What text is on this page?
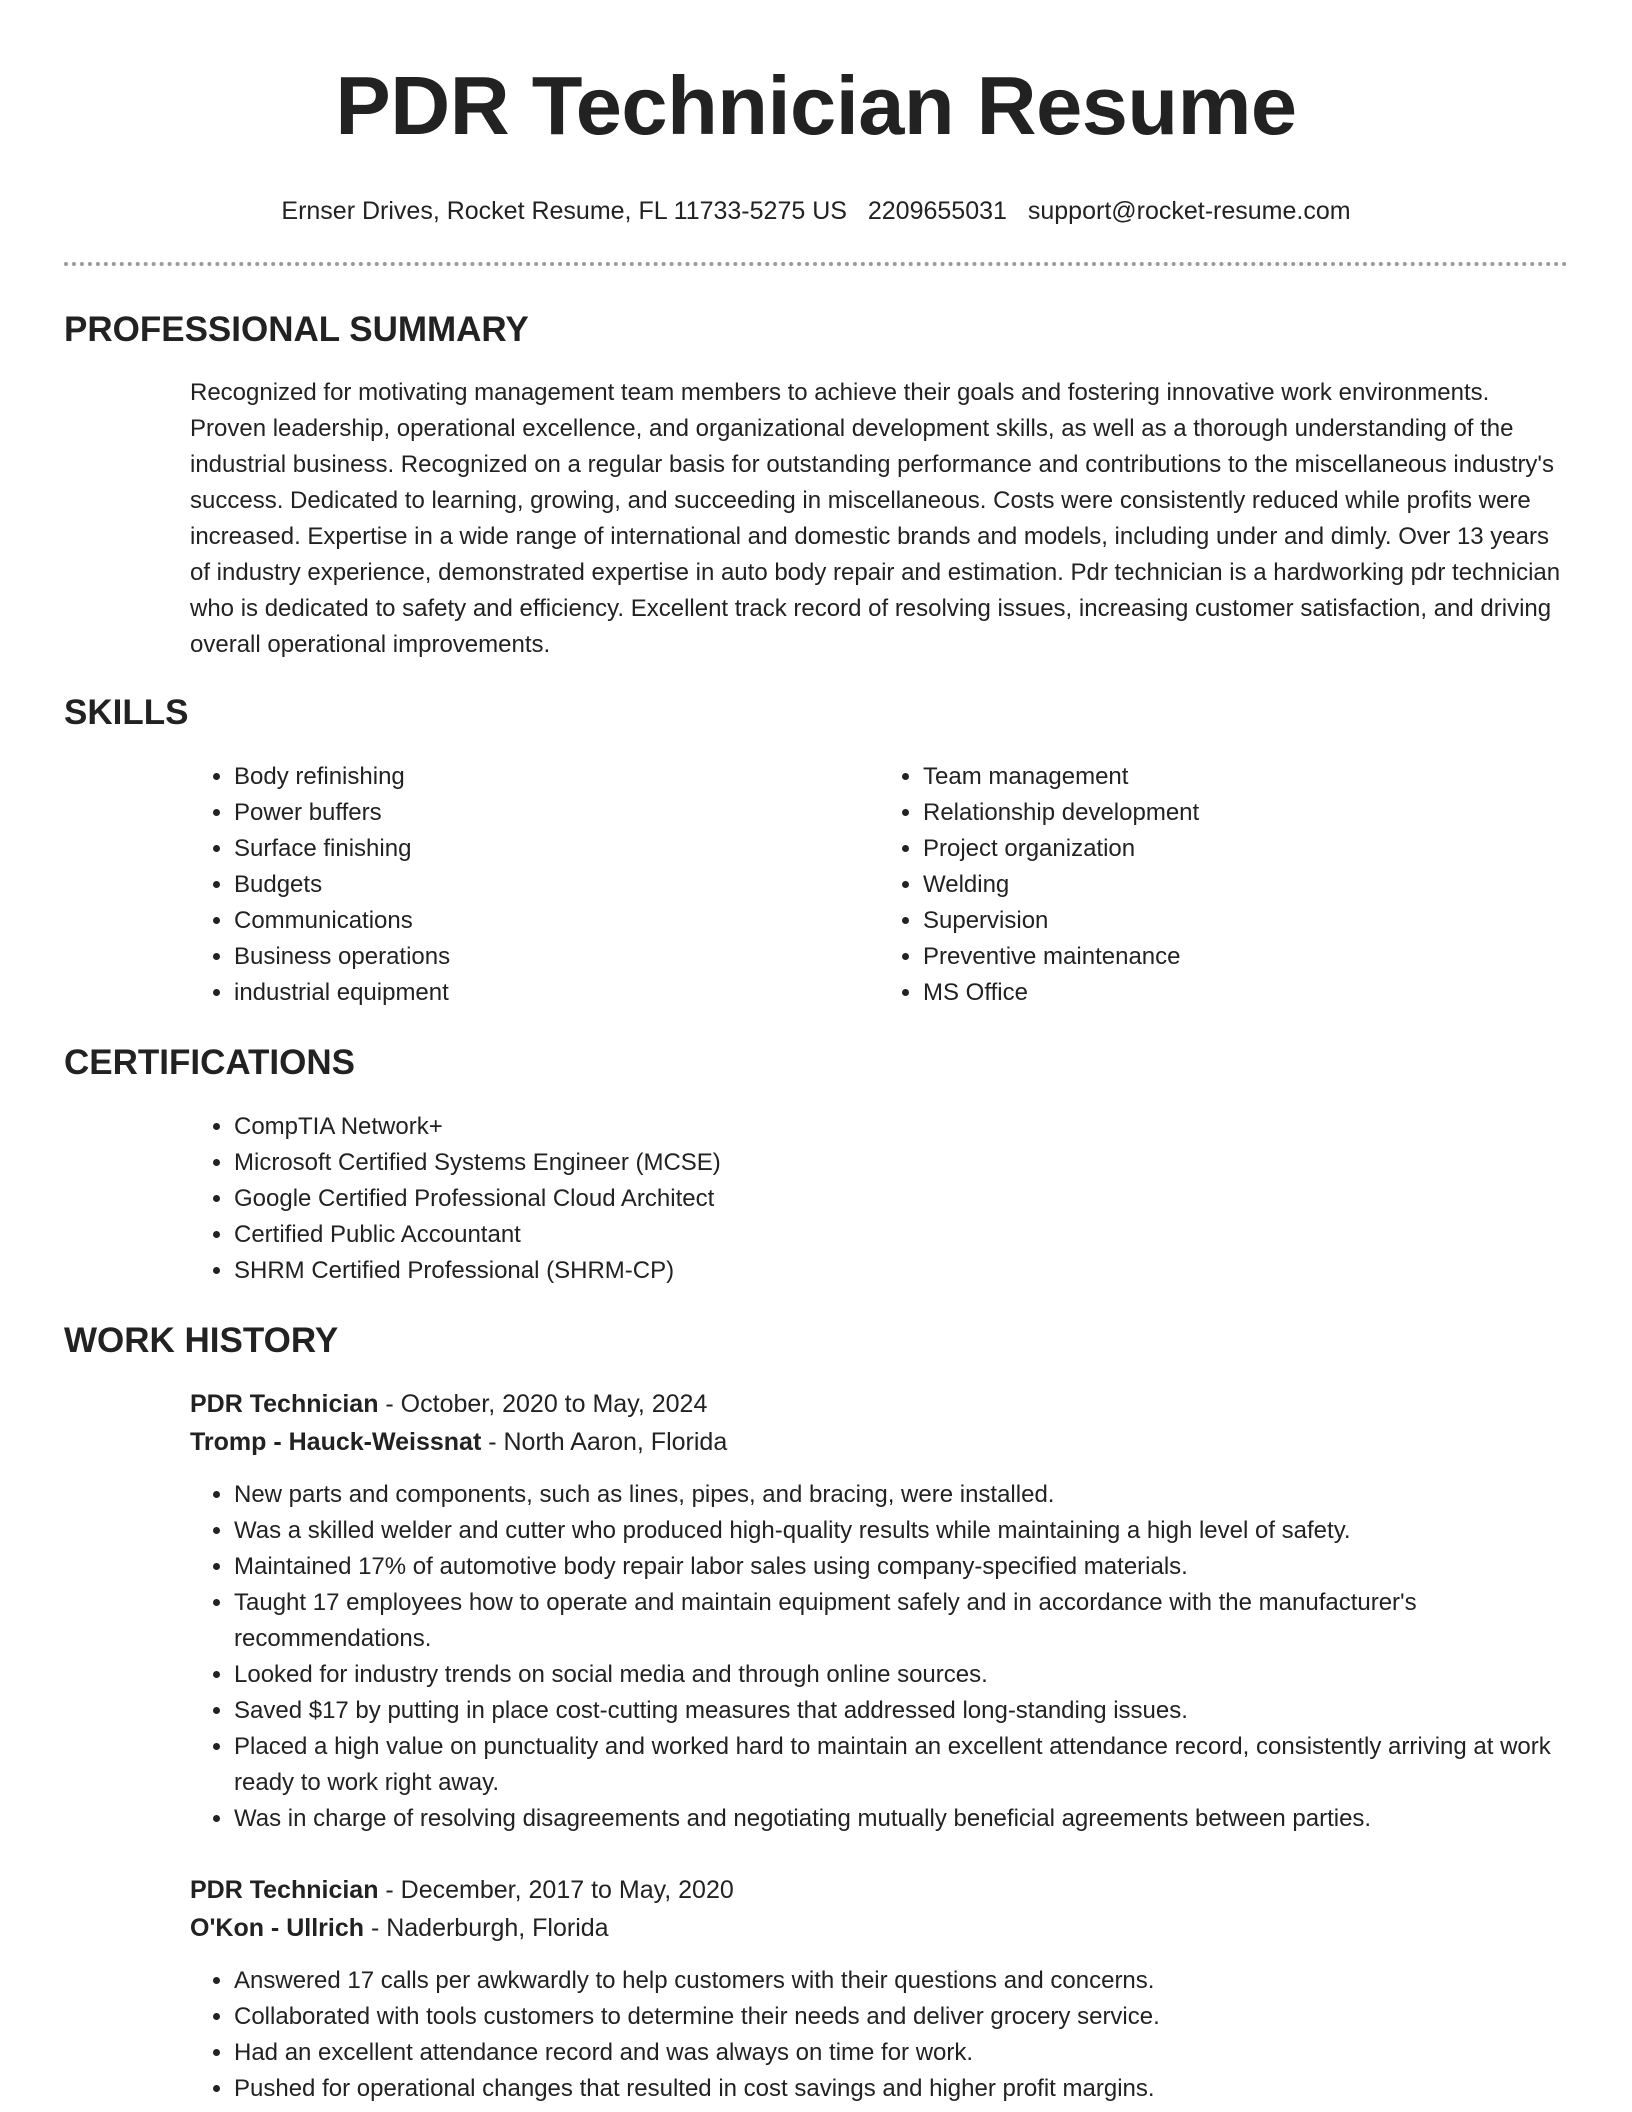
PDR Technician Resume
Ernser Drives, Rocket Resume, FL 11733-5275 US 2209655031 support@rocket-resume.com
PROFESSIONAL SUMMARY

Recognized for motivating management team members to achieve their goals and fostering innovative work environments. Proven leadership, operational excellence, and organizational development skills, as well as a thorough understanding of the industrial business. Recognized on a regular basis for outstanding performance and contributions to the miscellaneous industry's success. Dedicated to learning, growing, and succeeding in miscellaneous. Costs were consistently reduced while profits were increased. Expertise in a wide range of international and domestic brands and models, including under and dimly. Over 13 years of industry experience, demonstrated expertise in auto body repair and estimation. Pdr technician is a hardworking pdr technician who is dedicated to safety and efficiency. Excellent track record of resolving issues, increasing customer satisfaction, and driving overall operational improvements.

SKILLS
• Body refinishing
• Power buffers
• Surface finishing
• Budgets
• Communications
• Business operations
• industrial equipment
• Team management
• Relationship development
• Project organization
• Welding
• Supervision
• Preventive maintenance
• MS Office
CERTIFICATIONS
• CompTIA Network+
• Microsoft Certified Systems Engineer (MCSE)
• Google Certified Professional Cloud Architect
• Certified Public Accountant
• SHRM Certified Professional (SHRM-CP)
WORK HISTORY
PDR Technician - October, 2020 to May, 2024
Tromp - Hauck-Weissnat - North Aaron, Florida
• New parts and components, such as lines, pipes, and bracing, were installed.
• Was a skilled welder and cutter who produced high-quality results while maintaining a high level of safety.
• Maintained 17% of automotive body repair labor sales using company-specified materials.
• Taught 17 employees how to operate and maintain equipment safely and in accordance with the manufacturer's recommendations.
• Looked for industry trends on social media and through online sources.
• Saved $17 by putting in place cost-cutting measures that addressed long-standing issues.
• Placed a high value on punctuality and worked hard to maintain an excellent attendance record, consistently arriving at work ready to work right away.
• Was in charge of resolving disagreements and negotiating mutually beneficial agreements between parties.
PDR Technician - December, 2017 to May, 2020
O'Kon - Ullrich - Naderburgh, Florida
• Answered 17 calls per awkwardly to help customers with their questions and concerns.
• Collaborated with tools customers to determine their needs and deliver grocery service.
• Had an excellent attendance record and was always on time for work.
• Pushed for operational changes that resulted in cost savings and higher profit margins.
